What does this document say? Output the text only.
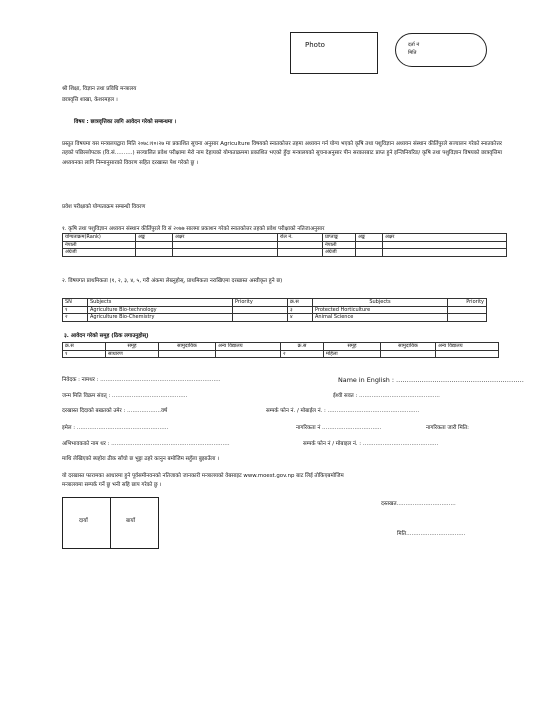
Photo	दर्ता नं
मिति
श्री शिक्षा, विज्ञान तथा प्रविधि मन्त्रालय
छात्रवृत्ति शाखा, केशरमहल ।
विषय : छात्रवृत्तिका लागि आवेदन गरेको सम्बन्धमा ।
प्रस्तुत विषयमा यस मन्त्रालयद्वारा मिति २०७८।१०।२७ मा प्रकाशित सूचना अनुसार Agriculture विषयको स्नातकोत्तर तहमा अध्ययन गर्न योग्य भएको कृषि तथा पशुविज्ञान अध्ययन संस्थान कीर्तिपुरले सञ्चालन गरेको स्नातकोत्तर तहको पछिल्लोपटक (वि.सं……….) सञ्चालित प्रवेश परीक्षामा मेरो नाम देहायको योग्यताक्रममा प्रकाशित भएको हुँदा मन्त्रालयको सूचनाअनुसार पीन सरकारबाट प्राप्त हुने इन्जिनियरिङ/ कृषि तथा पशुविज्ञान विषयको छात्रवृत्तिमा अध्ययनका लागि निम्नानुसारको विवरण सहित दरखास्त पेश गरेको छु ।
प्रवेश परीक्षाको योग्यताक्रम सम्बन्धी विवरण
१. कृषि तथा पशुविज्ञान अध्ययन संस्थान कीर्तिपुरले वि सं २०७७ सालमा प्रकाशन गरेको स्नातकोत्तर तहको प्रवेश परीक्षाको नतिजाअनुसार
योग्यताक्रम(Rank)	अङ्क	अक्षर	रोल नं.	प्राप्ताङ्क	अङ्क	अक्षर
नेपाली				नेपाली		
अंग्रेजी				अंग्रेजी		
२. विषयगत प्राथमिकता (१, २, ३, ४, ५, गरी अंकमा लेख्नुहोस्, प्राथमिकता नराखिएमा दरखास्त अस्वीकृत हुने छ)
SN	Subjects	Priority	क्र.स	Subjects	Priority
१	Agriculture Bio-technology		३	Protected Horticulture	
२	Agriculture Bio-Chemistry		४	Animal Science	
३. आवेदन गरेको समूह (ठिक लगाउनुहोस्)
क्र.स	समूह	सामुदायिक	अन्य विद्यालय	क्र.स	समूह	सामुदायिक	अन्य विद्यालय
१	साधारण			२	महिला		
निवेदक : नामथर : ………………………………………………………….	Name in English : ……………………………………………………
जन्म मिति विक्रम संवत् : ……………………………………	ईश्वी सवत : ………………………………………
दरखास्त दिदाको बखतको उमेर : ……………….वर्ष	सम्पर्क फोन नं. / मोबाईल नं. : ……………………………………………
इमेल : ……………………………………………	नागरिकता नं ……………………………	नागरिकता जारी मिति:
अभिभावकको नाम थर : …………………………………………………………	सम्पर्क फोन नं / मोबाइल नं. : ……………………………………
माथि लेखिएको ब्यहोरा ठीक साँचो छ भुट्टा ठहरे कानुन बमोजिम सहुँला बुझाउँला ।
यो दरखास्त फारामका आधारमा हुने पूर्वसमीनवनको नतिजाको जानकारी मन्त्रालयको वेबसाइट www.moest.gov.np बाट लिई तोकिएबमोजिम
मन्त्रालयमा सम्पर्क गर्ने छु भनी सहि छाप गरेको छु ।
दस्तखत……………………………
मिति……………………………
दायाँ	बायाँ
